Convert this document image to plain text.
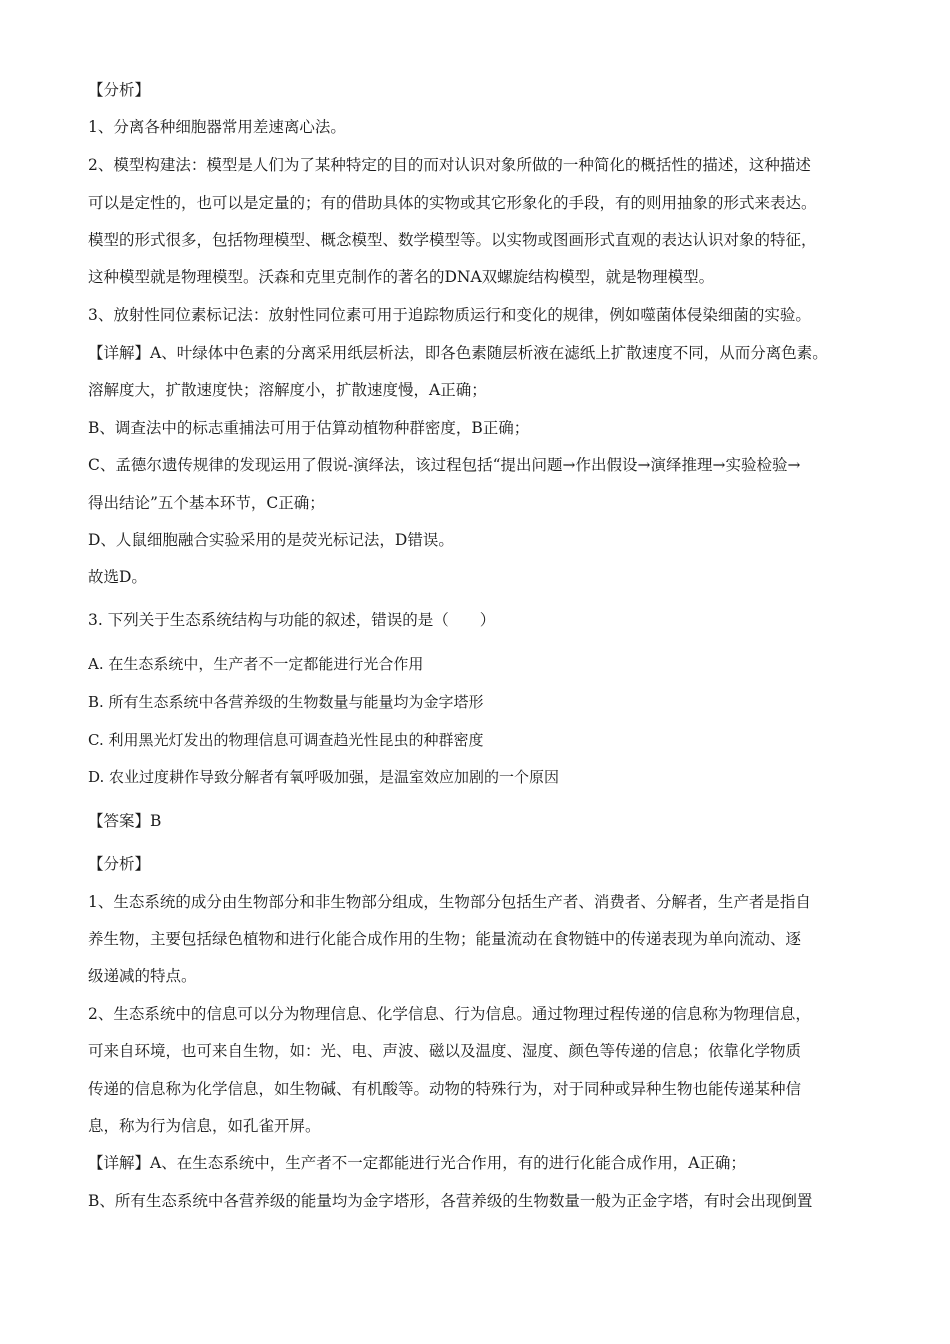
【分析】
1、分离各种细胞器常用差速离心法。
2、模型构建法：模型是人们为了某种特定的目的而对认识对象所做的一种简化的概括性的描述，这种描述
可以是定性的，也可以是定量的；有的借助具体的实物或其它形象化的手段，有的则用抽象的形式来表达。
模型的形式很多，包括物理模型、概念模型、数学模型等。以实物或图画形式直观的表达认识对象的特征，
这种模型就是物理模型。沃森和克里克制作的著名的DNA双螺旋结构模型，就是物理模型。
3、放射性同位素标记法：放射性同位素可用于追踪物质运行和变化的规律，例如噬菌体侵染细菌的实验。
【详解】A、叶绿体中色素的分离采用纸层析法，即各色素随层析液在滤纸上扩散速度不同，从而分离色素。
溶解度大，扩散速度快；溶解度小，扩散速度慢，A正确；
B、调查法中的标志重捕法可用于估算动植物种群密度，B正确；
C、孟德尔遗传规律的发现运用了假说-演绎法，该过程包括“提出问题→作出假设→演绎推理→实验检验→
得出结论”五个基本环节，C正确；
D、人鼠细胞融合实验采用的是荧光标记法，D错误。
故选D。
3. 下列关于生态系统结构与功能的叙述，错误的是（　　）
A. 在生态系统中，生产者不一定都能进行光合作用
B. 所有生态系统中各营养级的生物数量与能量均为金字塔形
C. 利用黑光灯发出的物理信息可调查趋光性昆虫的种群密度
D. 农业过度耕作导致分解者有氧呼吸加强，是温室效应加剧的一个原因
【答案】B
【分析】
1、生态系统的成分由生物部分和非生物部分组成，生物部分包括生产者、消费者、分解者，生产者是指自
养生物，主要包括绿色植物和进行化能合成作用的生物；能量流动在食物链中的传递表现为单向流动、逐
级递减的特点。
2、生态系统中的信息可以分为物理信息、化学信息、行为信息。通过物理过程传递的信息称为物理信息，
可来自环境，也可来自生物，如：光、电、声波、磁以及温度、湿度、颜色等传递的信息；依靠化学物质
传递的信息称为化学信息，如生物碱、有机酸等。动物的特殊行为，对于同种或异种生物也能传递某种信
息，称为行为信息，如孔雀开屏。
【详解】A、在生态系统中，生产者不一定都能进行光合作用，有的进行化能合成作用，A正确；
B、所有生态系统中各营养级的能量均为金字塔形，各营养级的生物数量一般为正金字塔，有时会出现倒置
